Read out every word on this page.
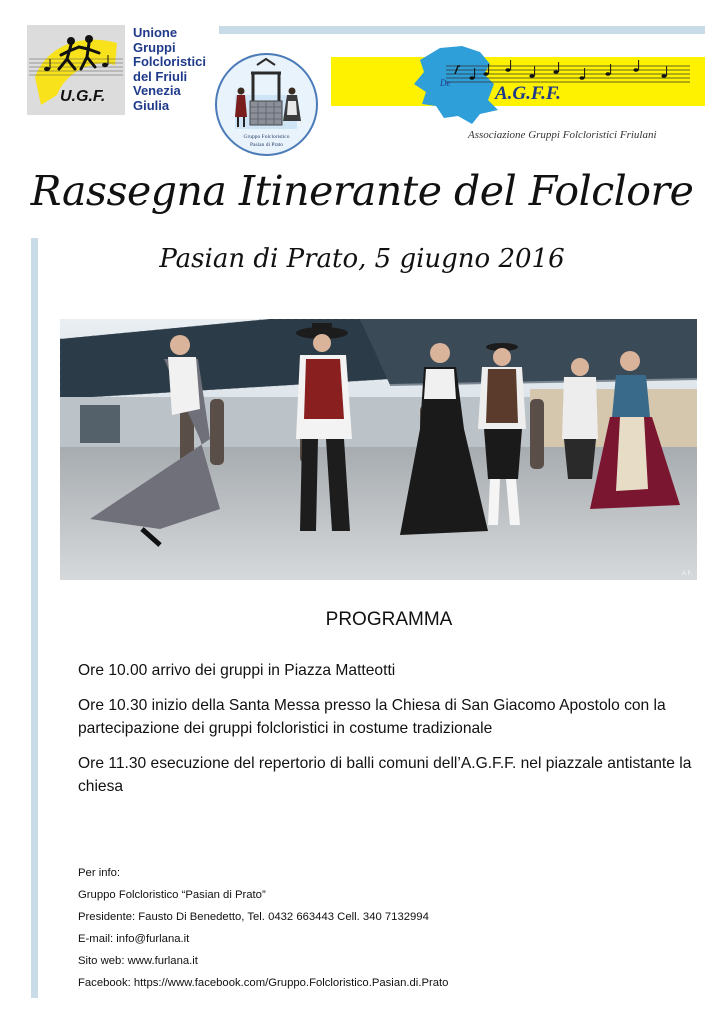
U.G.F.
Unione
Gruppi
Folcloristici
del Friuli
Venezia
Giulia
Gruppo Folcloristico
Pasian di Prato
De A.G.F.F.
Associazione Gruppi Folcloristici Friulani
Rassegna Itinerante del Folclore
Pasian di Prato, 5 giugno 2016
A.F.
PROGRAMMA

Ore 10.00 arrivo dei gruppi in Piazza Matteotti

Ore 10.30 inizio della Santa Messa presso la Chiesa di San Giacomo Apostolo con la partecipazione dei gruppi folcloristici in costume tradizionale

Ore 11.30 esecuzione del repertorio di balli comuni dell’A.G.F.F. nel piazzale antistante la chiesa

Per info:
Gruppo Folcloristico “Pasian di Prato”
Presidente: Fausto Di Benedetto, Tel. 0432 663443 Cell. 340 7132994
E-mail: info@furlana.it
Sito web: www.furlana.it
Facebook: https://www.facebook.com/Gruppo.Folcloristico.Pasian.di.Prato
